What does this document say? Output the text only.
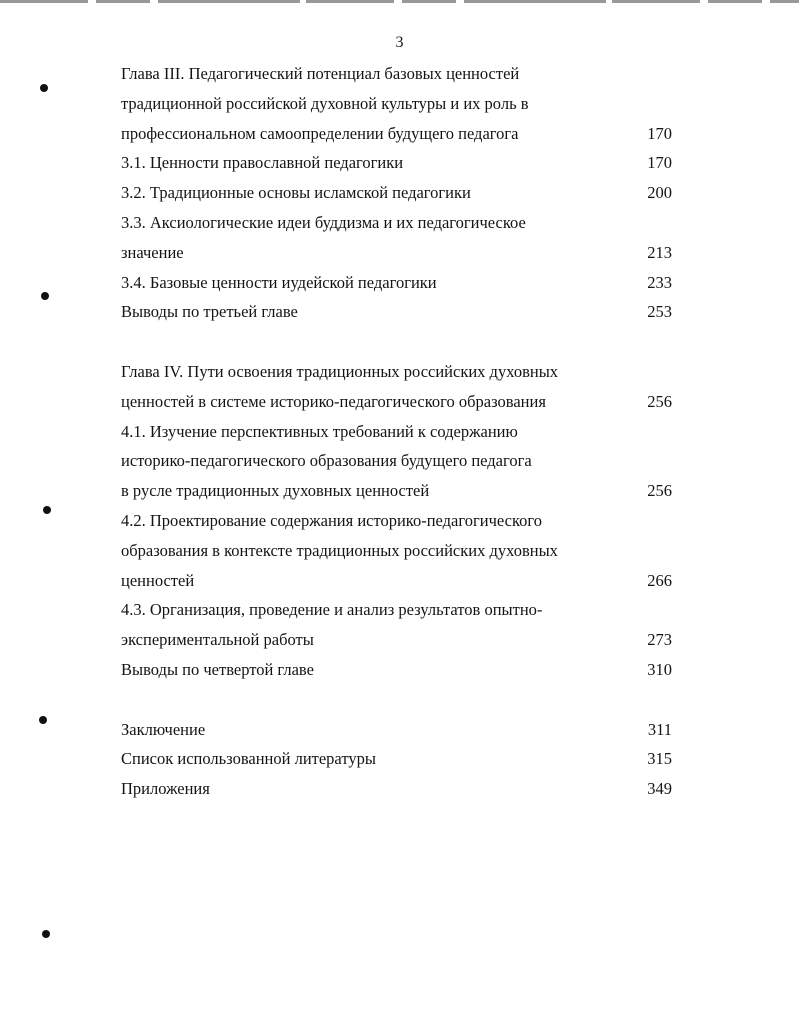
3
Глава III. Педагогический потенциал базовых ценностей
традиционной российской духовной культуры и их роль в
профессиональном самоопределении будущего педагога	170
3.1. Ценности православной педагогики	170
3.2. Традиционные основы исламской педагогики	200
3.3. Аксиологические идеи буддизма и их педагогическое
значение	213
3.4. Базовые ценности иудейской педагогики	233
Выводы по третьей главе	253
Глава IV. Пути освоения традиционных российских духовных
ценностей в системе историко-педагогического образования	256
4.1. Изучение перспективных требований к содержанию
историко-педагогического образования будущего педагога
в русле традиционных духовных ценностей	256
4.2. Проектирование содержания историко-педагогического
образования в контексте традиционных российских духовных
ценностей	266
4.3. Организация, проведение и анализ результатов опытно-
экспериментальной работы	273
Выводы по четвертой главе	310
Заключение	311
Список использованной литературы	315
Приложения	349
